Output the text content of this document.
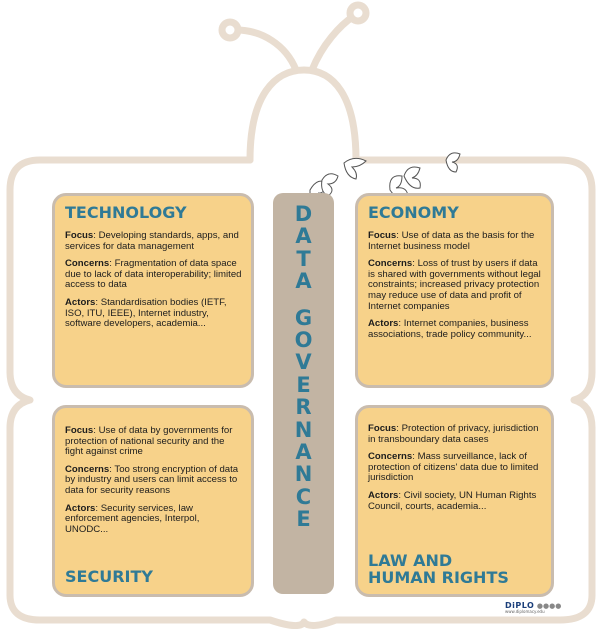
D
A
T
A
G
O
V
E
R
N
A
N
C
E
TECHNOLOGY

Focus: Developing standards, apps, and services for data management

Concerns: Fragmentation of data space due to lack of data interoperability; limited access to data

Actors: Standardisation bodies (IETF, ISO, ITU, IEEE), Internet industry, software developers, academia...

ECONOMY

Focus: Use of data as the basis for the Internet business model

Concerns: Loss of trust by users if data is shared with governments without legal constraints; increased privacy protection may reduce use of data and profit of Internet companies

Actors: Internet companies, business associations, trade policy community...

Focus: Use of data by governments for protection of national security and the fight against crime

Concerns: Too strong encryption of data by industry and users can limit access to data for security reasons

Actors: Security services, law enforcement agencies, Interpol, UNODC...

SECURITY

Focus: Protection of privacy, jurisdiction in transboundary data cases

Concerns: Mass surveillance, lack of protection of citizens' data due to limited jurisdiction

Actors: Civil society, UN Human Rights Council, courts, academia...

LAW AND
HUMAN RIGHTS
DiPLO ●●●●
www.diplomacy.edu
